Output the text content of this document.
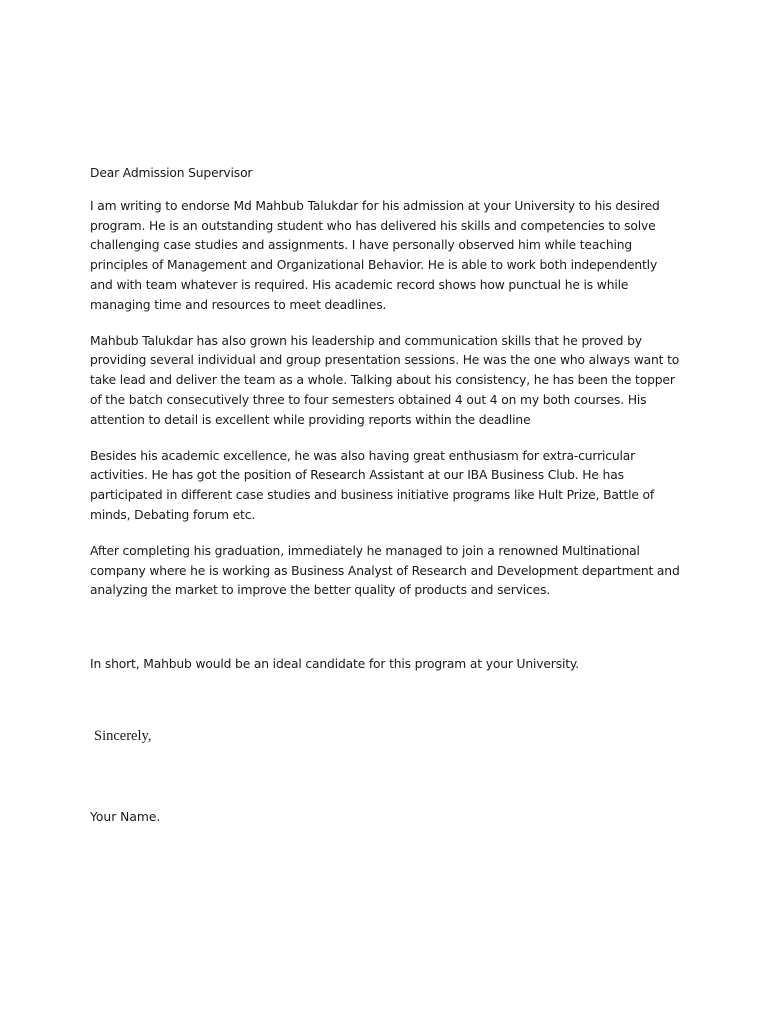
Dear Admission Supervisor

I am writing to endorse Md Mahbub Talukdar for his admission at your University to his desired program. He is an outstanding student who has delivered his skills and competencies to solve challenging case studies and assignments. I have personally observed him while teaching principles of Management and Organizational Behavior. He is able to work both independently and with team whatever is required. His academic record shows how punctual he is while managing time and resources to meet deadlines.

Mahbub Talukdar has also grown his leadership and communication skills that he proved by providing several individual and group presentation sessions. He was the one who always want to take lead and deliver the team as a whole. Talking about his consistency, he has been the topper of the batch consecutively three to four semesters obtained 4 out 4 on my both courses. His attention to detail is excellent while providing reports within the deadline

Besides his academic excellence, he was also having great enthusiasm for extra-curricular activities. He has got the position of Research Assistant at our IBA Business Club. He has participated in different case studies and business initiative programs like Hult Prize, Battle of minds, Debating forum etc.

After completing his graduation, immediately he managed to join a renowned Multinational company where he is working as Business Analyst of Research and Development department and analyzing the market to improve the better quality of products and services.

In short, Mahbub would be an ideal candidate for this program at your University.

Sincerely,

Your Name.
